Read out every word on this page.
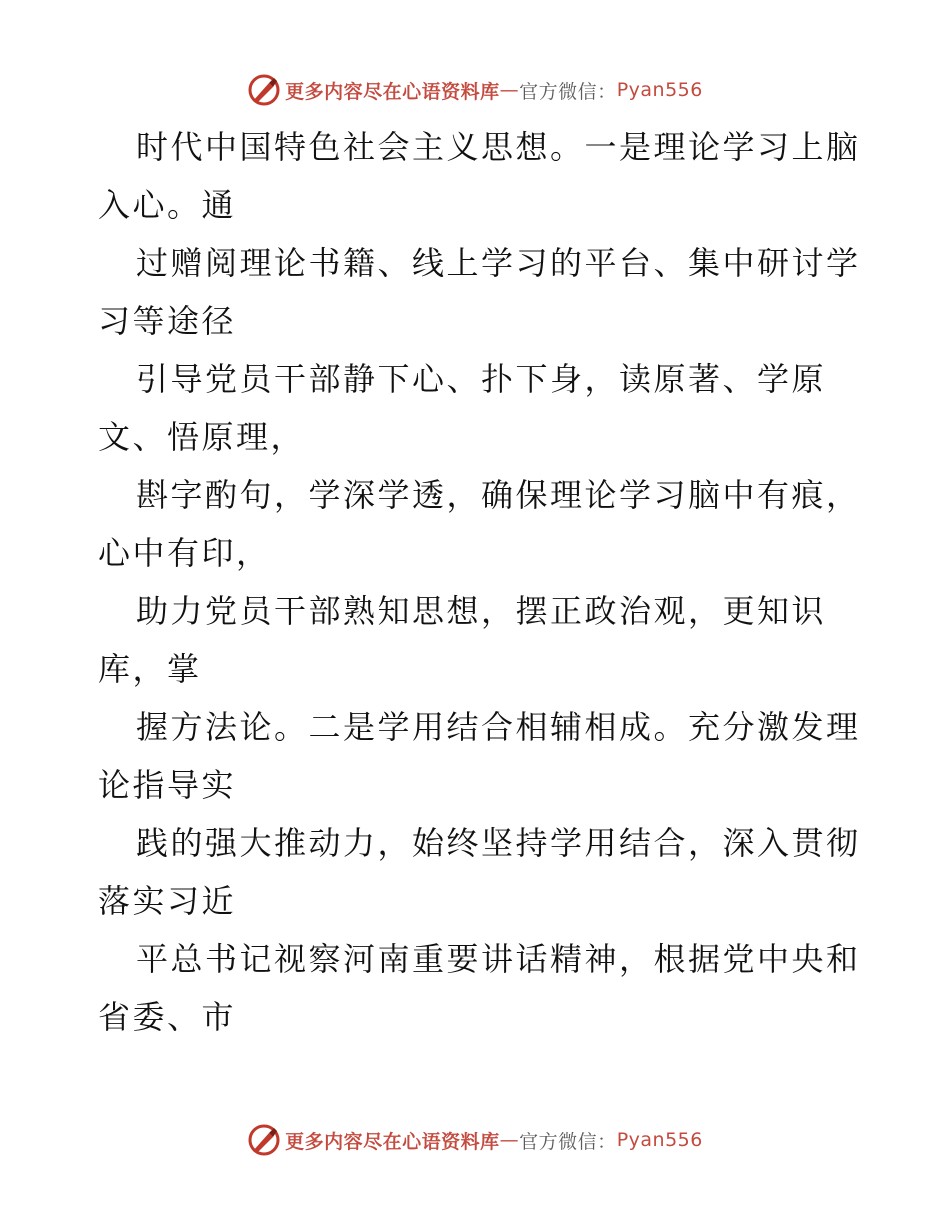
更多内容尽在心语资料库 — 官方微信： Pyan556
时代中国特色社会主义思想。一是理论学习上脑
入心。通
过赠阅理论书籍、线上学习的平台、集中研讨学
习等途径
引导党员干部静下心、扑下身，读原著、学原
文、悟原理，
斟字酌句，学深学透，确保理论学习脑中有痕，
心中有印，
助力党员干部熟知思想，摆正政治观，更知识
库，掌
握方法论。二是学用结合相辅相成。充分激发理
论指导实
践的强大推动力，始终坚持学用结合，深入贯彻
落实习近
平总书记视察河南重要讲话精神，根据党中央和
省委、市
更多内容尽在心语资料库 — 官方微信： Pyan556
